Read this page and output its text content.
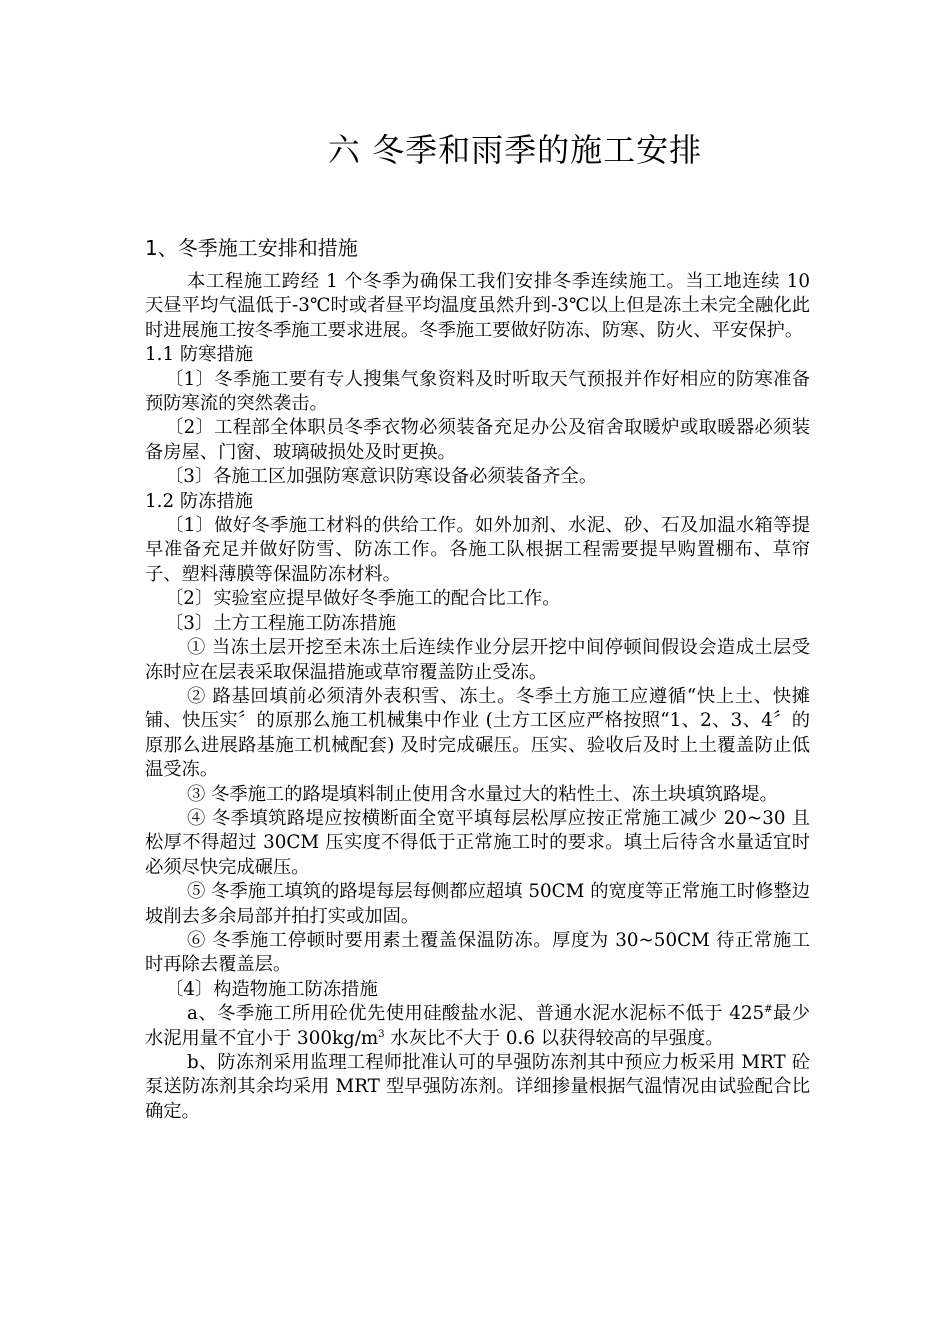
六 冬季和雨季的施工安排
1、冬季施工安排和措施

本工程施工跨经 1 个冬季为确保工我们安排冬季连续施工。当工地连续 10 天昼平均气温低于-3℃时或者昼平均温度虽然升到-3℃以上但是冻土未完全融化此时进展施工按冬季施工要求进展。冬季施工要做好防冻、防寒、防火、平安保护。

1.1 防寒措施

〔1〕冬季施工要有专人搜集气象资料及时听取天气预报并作好相应的防寒准备预防寒流的突然袭击。

〔2〕工程部全体职员冬季衣物必须装备充足办公及宿舍取暖炉或取暖器必须装备房屋、门窗、玻璃破损处及时更换。

〔3〕各施工区加强防寒意识防寒设备必须装备齐全。

1.2 防冻措施

〔1〕做好冬季施工材料的供给工作。如外加剂、水泥、砂、石及加温水箱等提早准备充足并做好防雪、防冻工作。各施工队根据工程需要提早购置棚布、草帘子、塑料薄膜等保温防冻材料。

〔2〕实验室应提早做好冬季施工的配合比工作。

〔3〕土方工程施工防冻措施

① 当冻土层开挖至未冻土后连续作业分层开挖中间停顿间假设会造成土层受冻时应在层表采取保温措施或草帘覆盖防止受冻。

② 路基回填前必须清外表积雪、冻土。冬季土方施工应遵循“快上土、快摊铺、快压实〞的原那么施工机械集中作业 (土方工区应严格按照“1、2、3、4〞的原那么进展路基施工机械配套) 及时完成碾压。压实、验收后及时上土覆盖防止低温受冻。

③ 冬季施工的路堤填料制止使用含水量过大的粘性土、冻土块填筑路堤。

④ 冬季填筑路堤应按横断面全宽平填每层松厚应按正常施工减少 20~30 且松厚不得超过 30CM 压实度不得低于正常施工时的要求。填土后待含水量适宜时必须尽快完成碾压。

⑤ 冬季施工填筑的路堤每层每侧都应超填 50CM 的宽度等正常施工时修整边坡削去多余局部并拍打实或加固。

⑥ 冬季施工停顿时要用素土覆盖保温防冻。厚度为 30~50CM 待正常施工时再除去覆盖层。

〔4〕构造物施工防冻措施

a、冬季施工所用砼优先使用硅酸盐水泥、普通水泥水泥标不低于 425#最少水泥用量不宜小于 $300kg/m^3$ 水灰比不大于 0.6 以获得较高的早强度。

b、防冻剂采用监理工程师批准认可的早强防冻剂其中预应力板采用 MRT 砼泵送防冻剂其余均采用 MRT 型早强防冻剂。详细掺量根据气温情况由试验配合比确定。
